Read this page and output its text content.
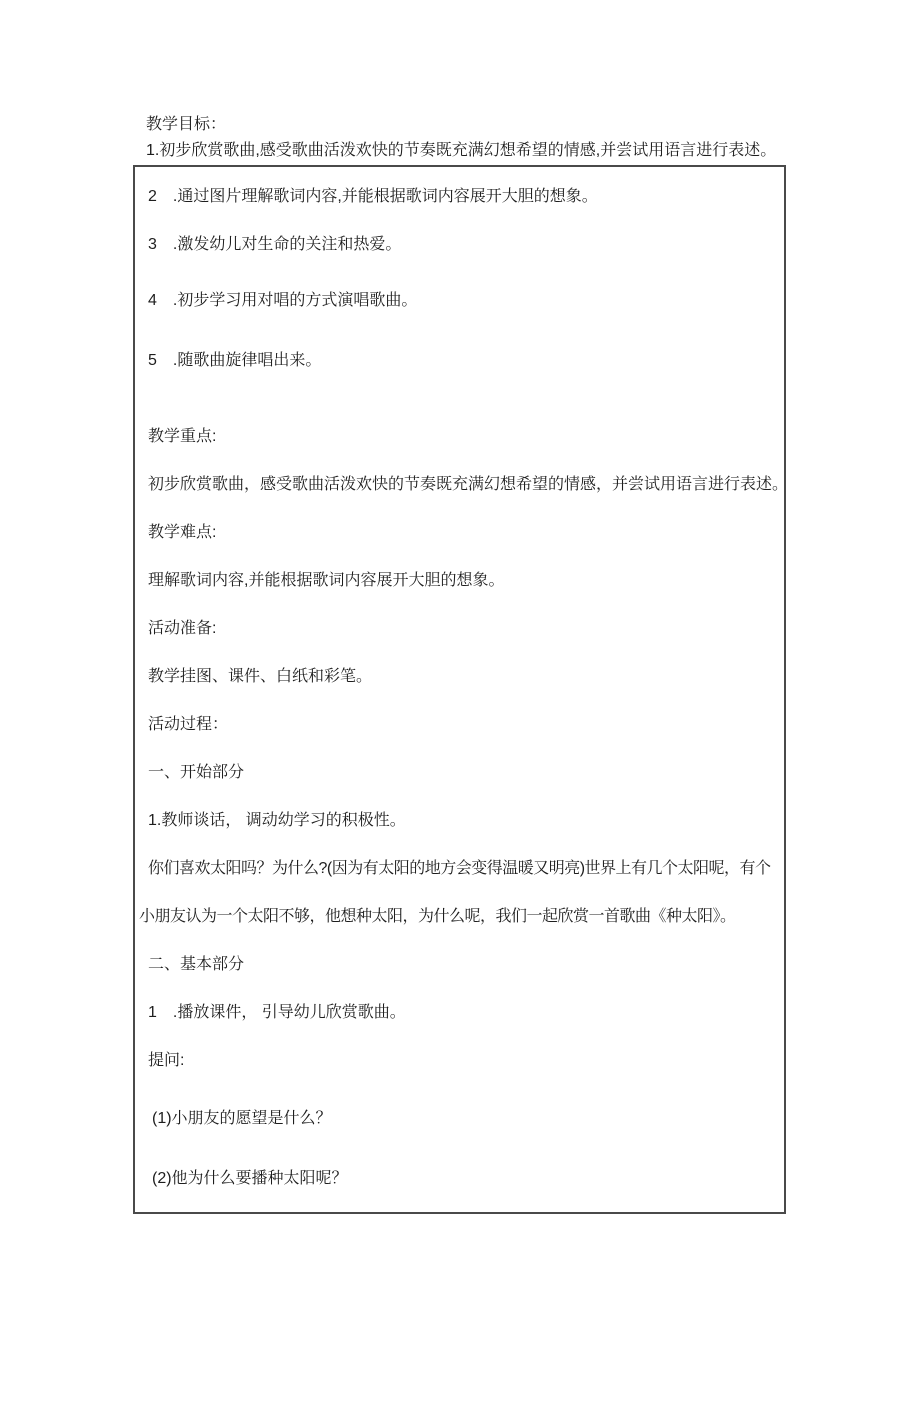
教学目标：

1.初步欣赏歌曲,感受歌曲活泼欢快的节奏既充满幻想希望的情感,并尝试用语言进行表述。

2　.通过图片理解歌词内容,并能根据歌词内容展开大胆的想象。

3　.激发幼儿对生命的关注和热爱。

4　.初步学习用对唱的方式演唱歌曲。

5　.随歌曲旋律唱出来。

教学重点:

初步欣赏歌曲，感受歌曲活泼欢快的节奏既充满幻想希望的情感，并尝试用语言进行表述。

教学难点:

理解歌词内容,并能根据歌词内容展开大胆的想象。

活动准备:

教学挂图、课件、白纸和彩笔。

活动过程：

一、开始部分

1.教师谈话， 调动幼学习的积极性。

你们喜欢太阳吗？为什么?(因为有太阳的地方会变得温暖又明亮)世界上有几个太阳呢，有个小朋友认为一个太阳不够，他想种太阳，为什么呢，我们一起欣赏一首歌曲《种太阳》。

二、基本部分

1　.播放课件， 引导幼儿欣赏歌曲。

提问:

(1)小朋友的愿望是什么？

(2)他为什么要播种太阳呢？
